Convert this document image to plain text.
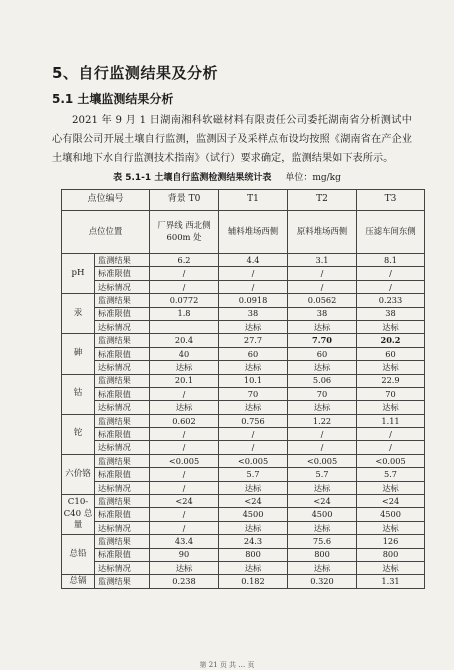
5、自行监测结果及分析
5.1 土壤监测结果分析
2021 年 9 月 1 日湖南湘科软磁材料有限责任公司委托湖南省分析测试中心有限公司开展土壤自行监测，监测因子及采样点布设均按照《湖南省在产企业土壤和地下水自行监测技术指南》（试行）要求确定，监测结果如下表所示。
表 5.1-1 土壤自行监测检测结果统计表 单位：mg/kg
点位编号		背景 T0	T1	T2	T3
点位位置		厂界线 西北侧 600m 处	辅料堆场西侧	原料堆场西侧	压滤车间东侧
pH	监测结果	6.2	4.4	3.1	8.1
	标准限值	/	/	/	/
	达标情况	/	/	/	/
汞	监测结果	0.0772	0.0918	0.0562	0.233
	标准限值	1.8	38	38	38
	达标情况		达标	达标	达标
砷	监测结果	20.4	27.7	7.70	20.2
	标准限值	40	60	60	60
	达标情况	达标	达标	达标	达标
钴	监测结果	20.1	10.1	5.06	22.9
	标准限值	/	70	70	70
	达标情况	达标	达标	达标	达标
铊	监测结果	0.602	0.756	1.22	1.11
	标准限值	/	/	/	/
	达标情况	/	/	/	/
六价铬	监测结果	<0.005	<0.005	<0.005	<0.005
	标准限值	/	5.7	5.7	5.7
	达标情况	/	达标	达标	达标
C10-C40 总量	监测结果	<24	<24	<24	<24
	标准限值	/	4500	4500	4500
	达标情况	/	达标	达标	达标
总铅	监测结果	43.4	24.3	75.6	126
	标准限值	90	800	800	800
	达标情况	达标	达标	达标	达标
总镉	监测结果	0.238	0.182	0.320	1.31
第 21 页 共 … 页
